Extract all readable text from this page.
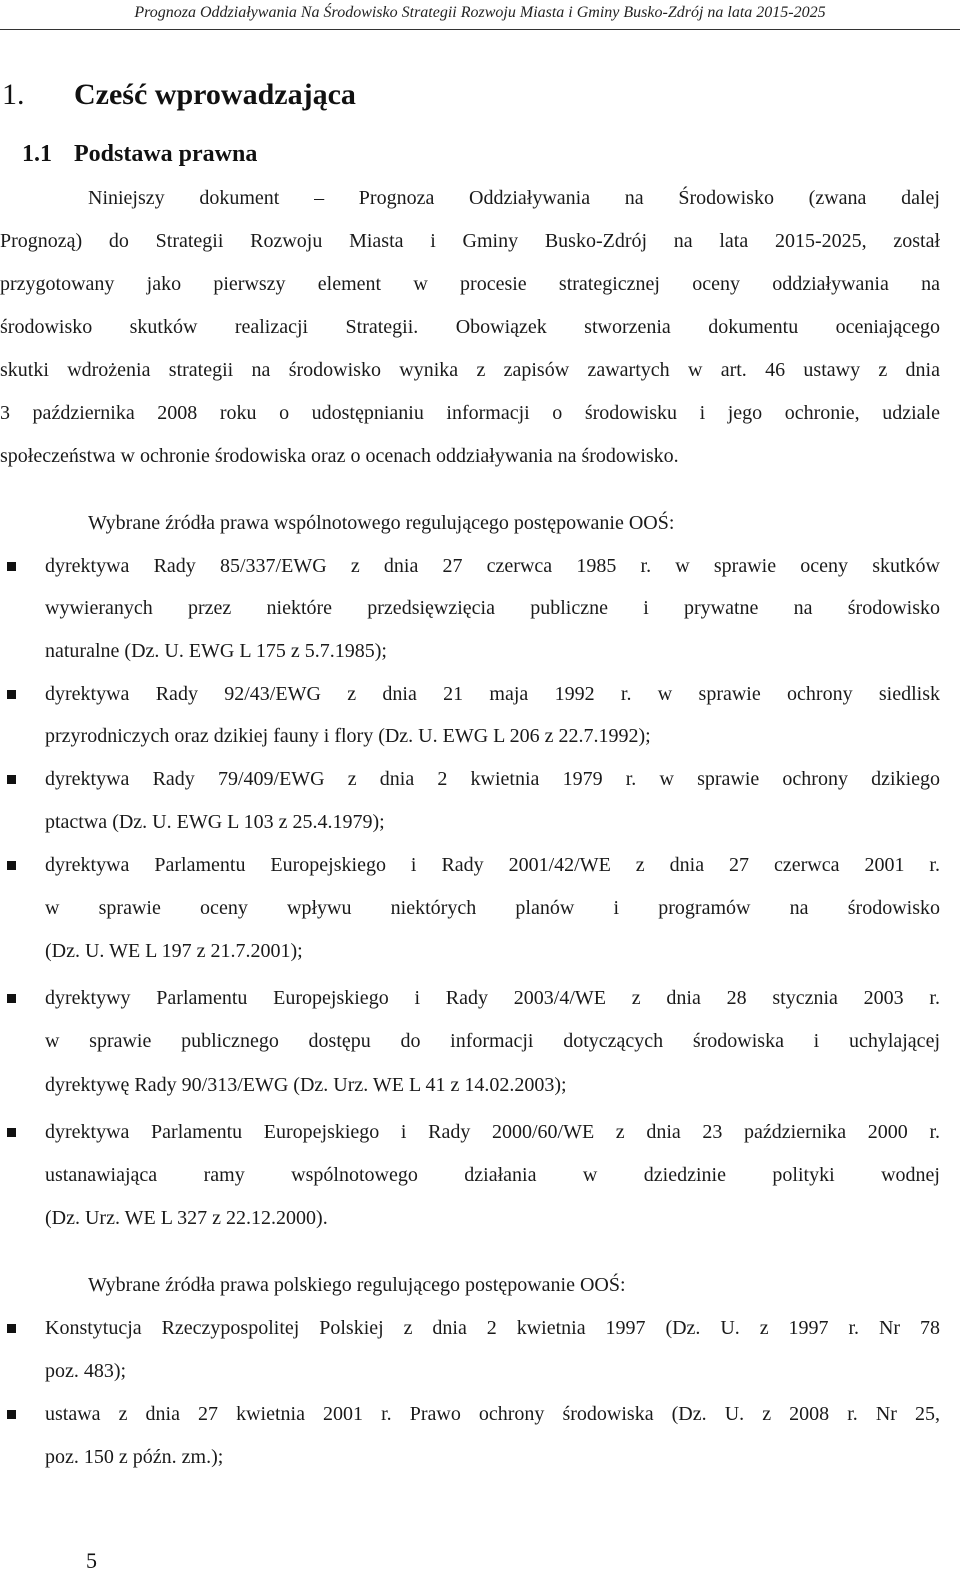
Prognoza Oddziaływania Na Środowisko Strategii Rozwoju Miasta i Gminy Busko-Zdrój na lata 2015-2025
1. Cześć wprowadzająca
1.1 Podstawa prawna
Niniejszy dokument – Prognoza Oddziaływania na Środowisko (zwana dalej
Prognozą) do Strategii Rozwoju Miasta i Gminy Busko-Zdrój na lata 2015-2025, został
przygotowany jako pierwszy element w procesie strategicznej oceny oddziaływania na
środowisko skutków realizacji Strategii. Obowiązek stworzenia dokumentu oceniającego
skutki wdrożenia strategii na środowisko wynika z zapisów zawartych w art. 46 ustawy z dnia
3 października 2008 roku o udostępnianiu informacji o środowisku i jego ochronie, udziale
społeczeństwa w ochronie środowiska oraz o ocenach oddziaływania na środowisko.
Wybrane źródła prawa wspólnotowego regulującego postępowanie OOŚ:
dyrektywa Rady 85/337/EWG z dnia 27 czerwca 1985 r. w sprawie oceny skutków
wywieranych przez niektóre przedsięwzięcia publiczne i prywatne na środowisko
naturalne (Dz. U. EWG L 175 z 5.7.1985);
dyrektywa Rady 92/43/EWG z dnia 21 maja 1992 r. w sprawie ochrony siedlisk
przyrodniczych oraz dzikiej fauny i flory (Dz. U. EWG L 206 z 22.7.1992);
dyrektywa Rady 79/409/EWG z dnia 2 kwietnia 1979 r. w sprawie ochrony dzikiego
ptactwa (Dz. U. EWG L 103 z 25.4.1979);
dyrektywa Parlamentu Europejskiego i Rady 2001/42/WE z dnia 27 czerwca 2001 r.
w sprawie oceny wpływu niektórych planów i programów na środowisko
(Dz. U. WE L 197 z 21.7.2001);
dyrektywy Parlamentu Europejskiego i Rady 2003/4/WE z dnia 28 stycznia 2003 r.
w sprawie publicznego dostępu do informacji dotyczących środowiska i uchylającej
dyrektywę Rady 90/313/EWG (Dz. Urz. WE L 41 z 14.02.2003);
dyrektywa Parlamentu Europejskiego i Rady 2000/60/WE z dnia 23 października 2000 r.
ustanawiająca ramy wspólnotowego działania w dziedzinie polityki wodnej
(Dz. Urz. WE L 327 z 22.12.2000).
Wybrane źródła prawa polskiego regulującego postępowanie OOŚ:
Konstytucja Rzeczypospolitej Polskiej z dnia 2 kwietnia 1997 (Dz. U. z 1997 r. Nr 78
poz. 483);
ustawa z dnia 27 kwietnia 2001 r. Prawo ochrony środowiska (Dz. U. z 2008 r. Nr 25,
poz. 150 z późn. zm.);
5
